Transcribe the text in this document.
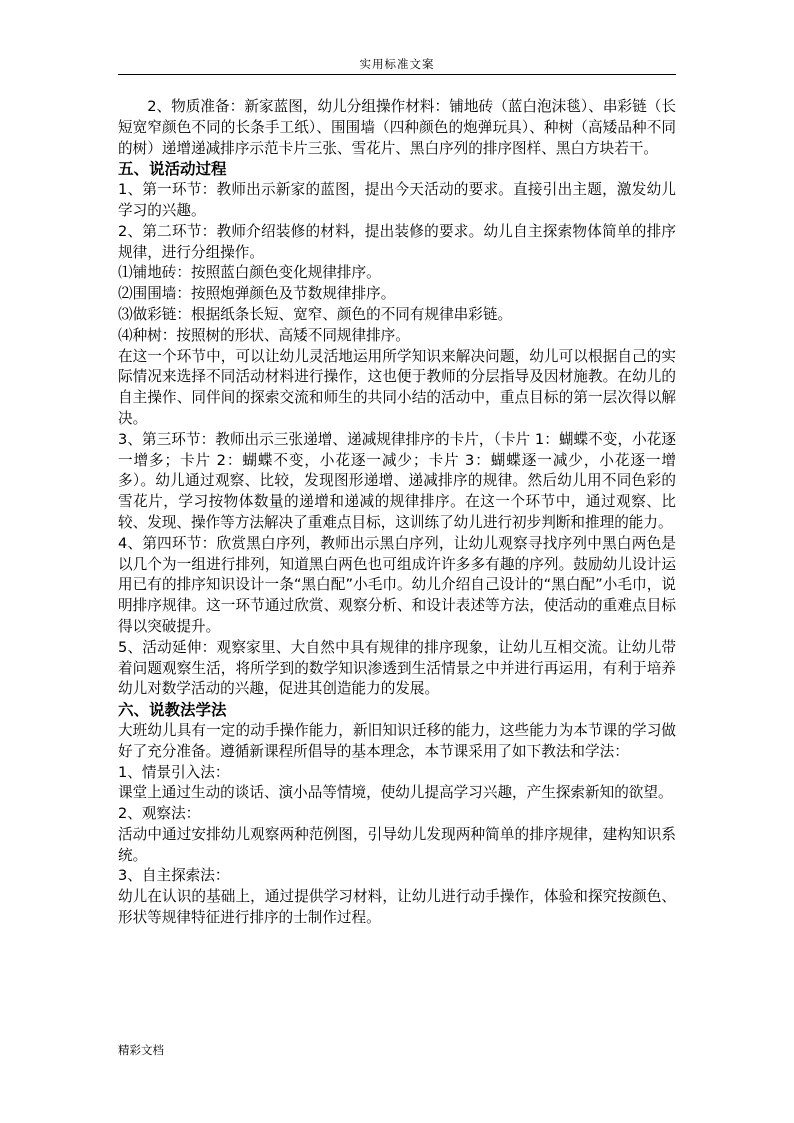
实用标准文案

2、物质准备：新家蓝图，幼儿分组操作材料：铺地砖（蓝白泡沫毯）、串彩链（长短宽窄颜色不同的长条手工纸）、围围墙（四种颜色的炮弹玩具）、种树（高矮品种不同的树）递增递减排序示范卡片三张、雪花片、黑白序列的排序图样、黑白方块若干。

五、说活动过程

1、第一环节：教师出示新家的蓝图，提出今天活动的要求。直接引出主题，激发幼儿学习的兴趣。

2、第二环节：教师介绍装修的材料，提出装修的要求。幼儿自主探索物体简单的排序规律，进行分组操作。

⑴铺地砖：按照蓝白颜色变化规律排序。

⑵围围墙：按照炮弹颜色及节数规律排序。

⑶做彩链：根据纸条长短、宽窄、颜色的不同有规律串彩链。

⑷种树：按照树的形状、高矮不同规律排序。

在这一个环节中，可以让幼儿灵活地运用所学知识来解决问题，幼儿可以根据自己的实际情况来选择不同活动材料进行操作，这也便于教师的分层指导及因材施教。在幼儿的自主操作、同伴间的探索交流和师生的共同小结的活动中，重点目标的第一层次得以解决。

3、第三环节：教师出示三张递增、递减规律排序的卡片，（卡片 1：蝴蝶不变，小花逐一增多；卡片 2：蝴蝶不变，小花逐一减少；卡片 3：蝴蝶逐一减少，小花逐一增多）。幼儿通过观察、比较，发现图形递增、递减排序的规律。然后幼儿用不同色彩的雪花片，学习按物体数量的递增和递减的规律排序。在这一个环节中，通过观察、比较、发现、操作等方法解决了重难点目标，这训练了幼儿进行初步判断和推理的能力。

4、第四环节：欣赏黑白序列，教师出示黑白序列，让幼儿观察寻找序列中黑白两色是以几个为一组进行排列，知道黑白两色也可组成许许多多有趣的序列。鼓励幼儿设计运用已有的排序知识设计一条“黑白配”小毛巾。幼儿介绍自己设计的“黑白配”小毛巾，说明排序规律。这一环节通过欣赏、观察分析、和设计表述等方法，使活动的重难点目标得以突破提升。

5、活动延伸：观察家里、大自然中具有规律的排序现象，让幼儿互相交流。让幼儿带着问题观察生活，将所学到的数学知识渗透到生活情景之中并进行再运用，有利于培养幼儿对数学活动的兴趣，促进其创造能力的发展。

六、说教法学法

大班幼儿具有一定的动手操作能力，新旧知识迁移的能力，这些能力为本节课的学习做好了充分准备。遵循新课程所倡导的基本理念，本节课采用了如下教法和学法：

1、情景引入法：

课堂上通过生动的谈话、演小品等情境，使幼儿提高学习兴趣，产生探索新知的欲望。

2、观察法：

活动中通过安排幼儿观察两种范例图，引导幼儿发现两种简单的排序规律，建构知识系统。

3、自主探索法：

幼儿在认识的基础上，通过提供学习材料，让幼儿进行动手操作，体验和探究按颜色、形状等规律特征进行排序的士制作过程。

精彩文档
